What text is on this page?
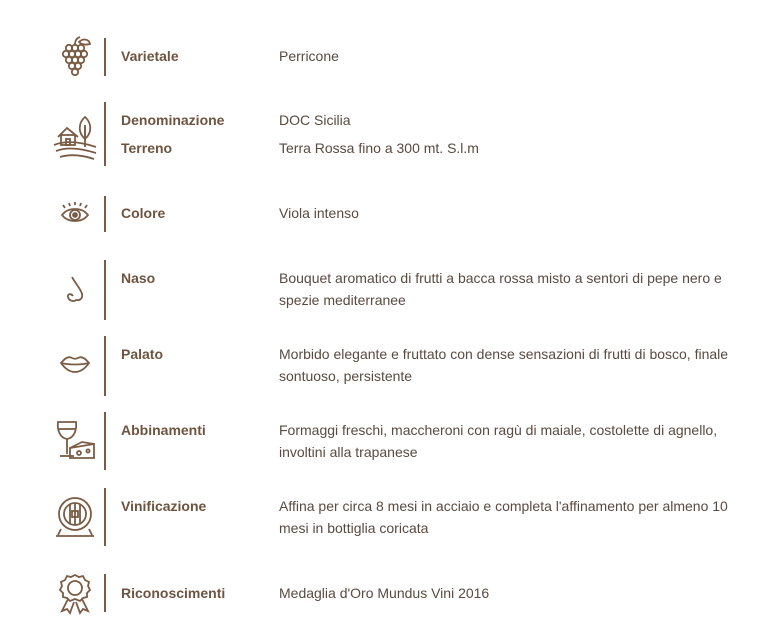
Varietale	Perricone
Denominazione	DOC Sicilia
Terreno	Terra Rossa fino a 300 mt. S.l.m
Colore	Viola intenso
Naso	Bouquet aromatico di frutti a bacca rossa misto a sentori di pepe nero e spezie mediterranee
Palato	Morbido elegante e fruttato con dense sensazioni di frutti di bosco, finale sontuoso, persistente
Abbinamenti	Formaggi freschi, maccheroni con ragù di maiale, costolette di agnello, involtini alla trapanese
Vinificazione	Affina per circa 8 mesi in acciaio e completa l'affinamento per almeno 10 mesi in bottiglia coricata
Riconoscimenti	Medaglia d'Oro Mundus Vini 2016
